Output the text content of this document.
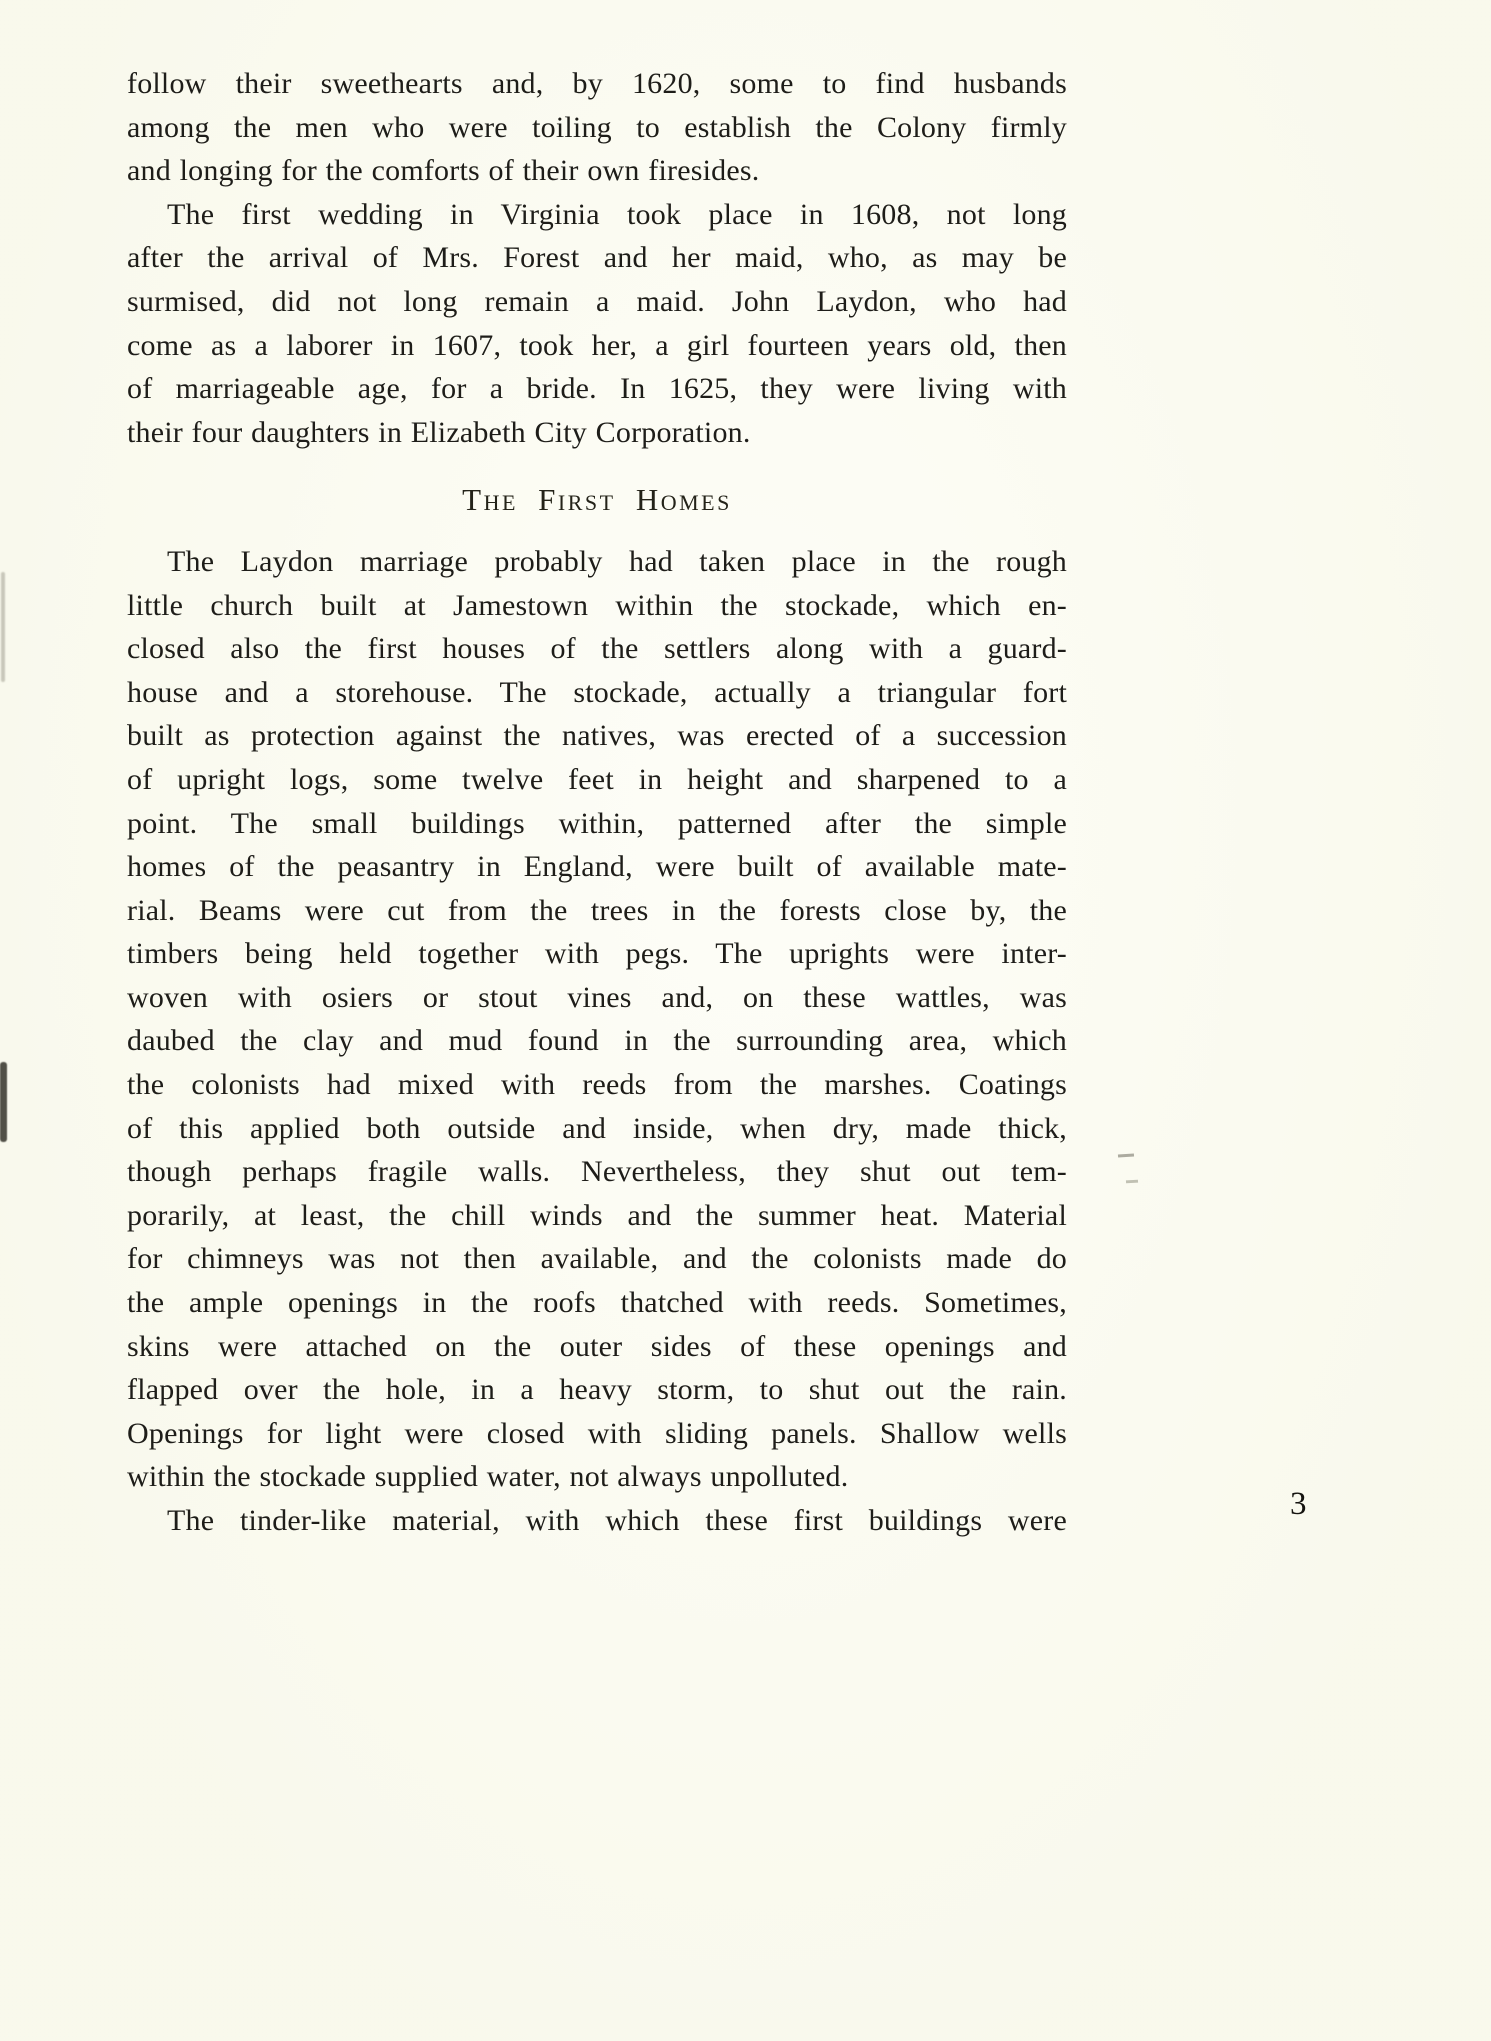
follow their sweethearts and, by 1620, some to find husbands
among the men who were toiling to establish the Colony firmly
and longing for the comforts of their own firesides.
The first wedding in Virginia took place in 1608, not long
after the arrival of Mrs. Forest and her maid, who, as may be
surmised, did not long remain a maid. John Laydon, who had
come as a laborer in 1607, took her, a girl fourteen years old, then
of marriageable age, for a bride. In 1625, they were living with
their four daughters in Elizabeth City Corporation.
The First Homes
The Laydon marriage probably had taken place in the rough
little church built at Jamestown within the stockade, which en-
closed also the first houses of the settlers along with a guard-
house and a storehouse. The stockade, actually a triangular fort
built as protection against the natives, was erected of a succession
of upright logs, some twelve feet in height and sharpened to a
point. The small buildings within, patterned after the simple
homes of the peasantry in England, were built of available mate-
rial. Beams were cut from the trees in the forests close by, the
timbers being held together with pegs. The uprights were inter-
woven with osiers or stout vines and, on these wattles, was
daubed the clay and mud found in the surrounding area, which
the colonists had mixed with reeds from the marshes. Coatings
of this applied both outside and inside, when dry, made thick,
though perhaps fragile walls. Nevertheless, they shut out tem-
porarily, at least, the chill winds and the summer heat. Material
for chimneys was not then available, and the colonists made do
the ample openings in the roofs thatched with reeds. Sometimes,
skins were attached on the outer sides of these openings and
flapped over the hole, in a heavy storm, to shut out the rain.
Openings for light were closed with sliding panels. Shallow wells
within the stockade supplied water, not always unpolluted.
The tinder-like material, with which these first buildings were	3
